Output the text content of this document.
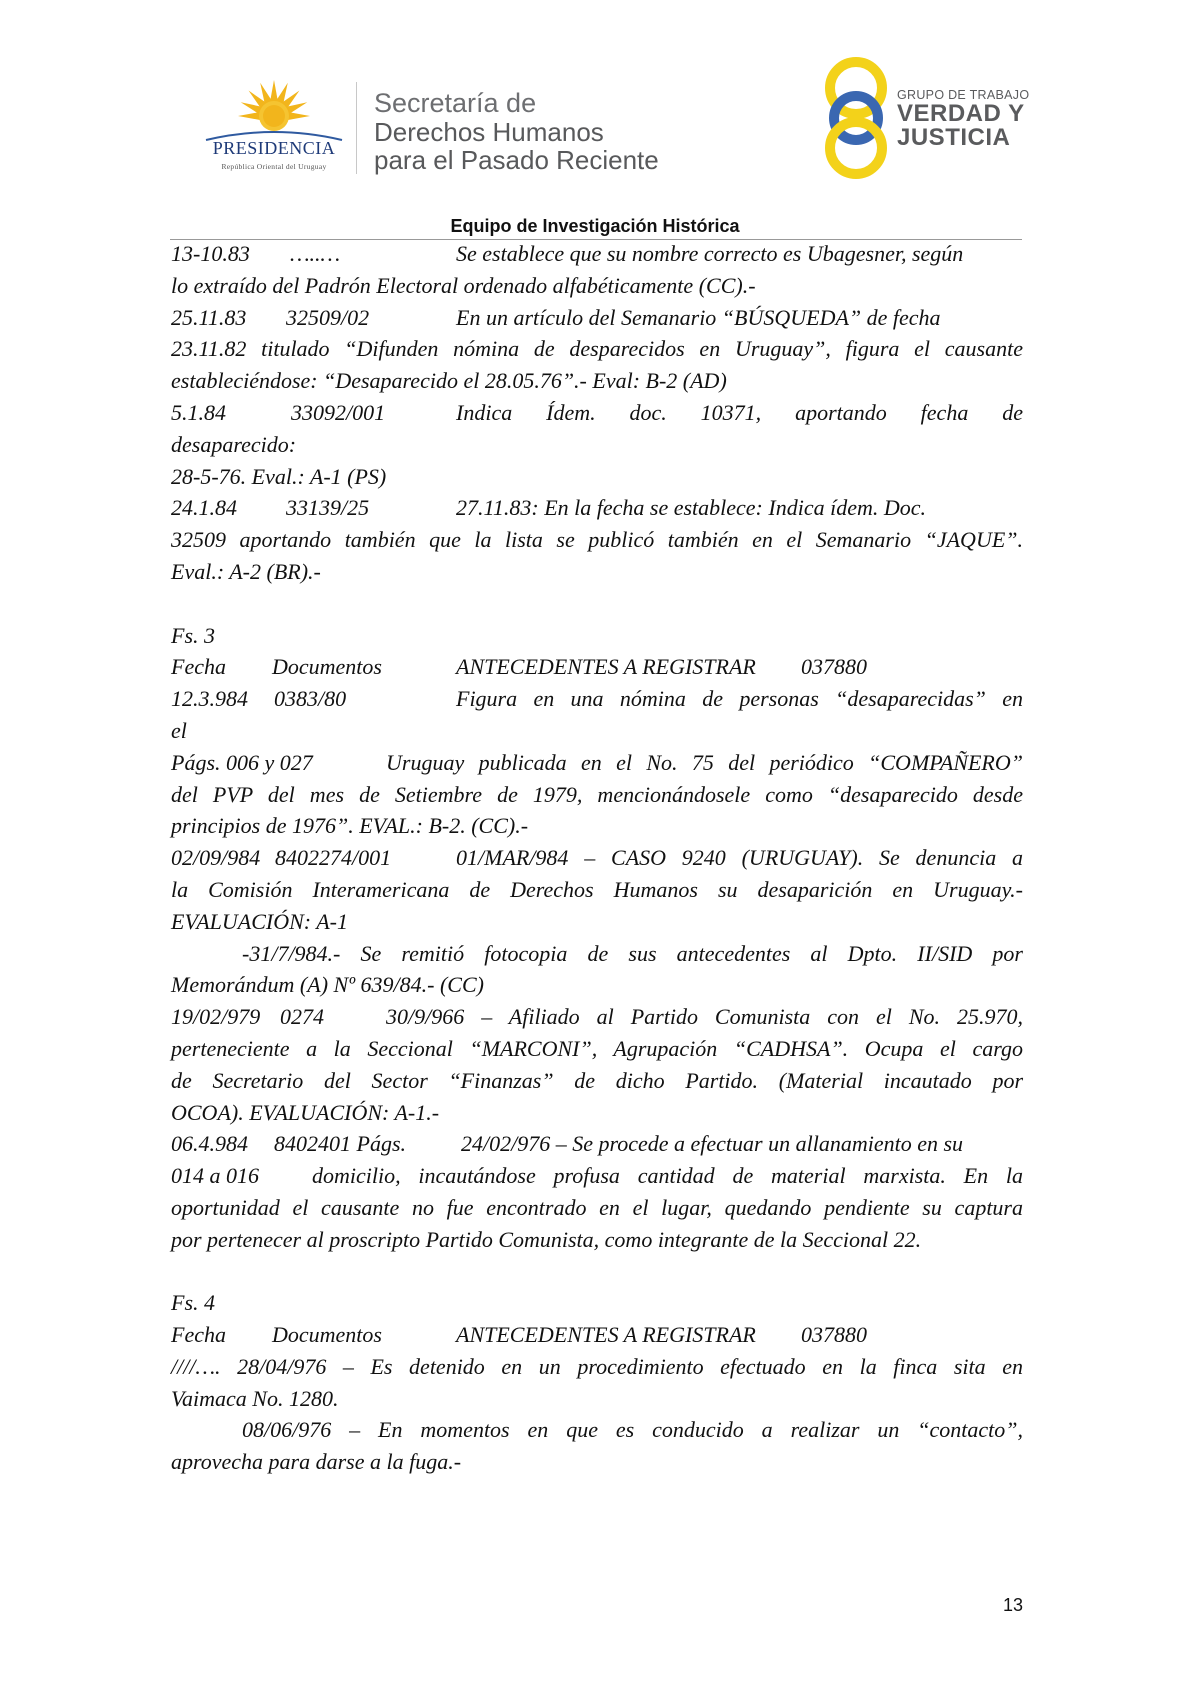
PRESIDENCIA
República Oriental del Uruguay
Secretaría de
Derechos Humanos
para el Pasado Reciente
GRUPO DE TRABAJO
VERDAD Y
JUSTICIA
Equipo de Investigación Histórica
13-10.83 …..…	Se establece que su nombre correcto es Ubagesner, según
lo extraído del Padrón Electoral ordenado alfabéticamente (CC).-
25.11.83 32509/02	En un artículo del Semanario “BÚSQUEDA” de fecha
23.11.82 titulado “Difunden nómina de desparecidos en Uruguay”, figura el causante
estableciéndose: “Desaparecido el 28.05.76”.- Eval: B-2 (AD)
5.1.84	33092/001	Indica Ídem. doc. 10371, aportando fecha de
desaparecido:
28-5-76. Eval.: A-1 (PS)
24.1.84 33139/25	27.11.83: En la fecha se establece: Indica ídem. Doc.
32509 aportando también que la lista se publicó también en el Semanario “JAQUE”.
Eval.: A-2 (BR).-
Fs. 3
Fecha Documentos	ANTECEDENTES A REGISTRAR 037880
12.3.984 0383/80	Figura en una nómina de personas “desaparecidas” en
el
Págs. 006 y 027	Uruguay publicada en el No. 75 del periódico “COMPAÑERO”
del PVP del mes de Setiembre de 1979, mencionándosele como “desaparecido desde
principios de 1976”. EVAL.: B-2. (CC).-
02/09/984 8402274/001	01/MAR/984 – CASO 9240 (URUGUAY). Se denuncia a
la Comisión Interamericana de Derechos Humanos su desaparición en Uruguay.-
EVALUACIÓN: A-1
-31/7/984.- Se remitió fotocopia de sus antecedentes al Dpto. II/SID por
Memorándum (A) Nº 639/84.- (CC)
19/02/979 0274	30/9/966 – Afiliado al Partido Comunista con el No. 25.970,
perteneciente a la Seccional “MARCONI”, Agrupación “CADHSA”. Ocupa el cargo
de Secretario del Sector “Finanzas” de dicho Partido. (Material incautado por
OCOA). EVALUACIÓN: A-1.-
06.4.984 8402401 Págs.	24/02/976 – Se procede a efectuar un allanamiento en su
014 a 016 domicilio, incautándose profusa cantidad de material marxista. En la
oportunidad el causante no fue encontrado en el lugar, quedando pendiente su captura
por pertenecer al proscripto Partido Comunista, como integrante de la Seccional 22.
Fs. 4
Fecha Documentos	ANTECEDENTES A REGISTRAR 037880
////…. 28/04/976 – Es detenido en un procedimiento efectuado en la finca sita en
Vaimaca No. 1280.
08/06/976 – En momentos en que es conducido a realizar un “contacto”,
aprovecha para darse a la fuga.-
13
